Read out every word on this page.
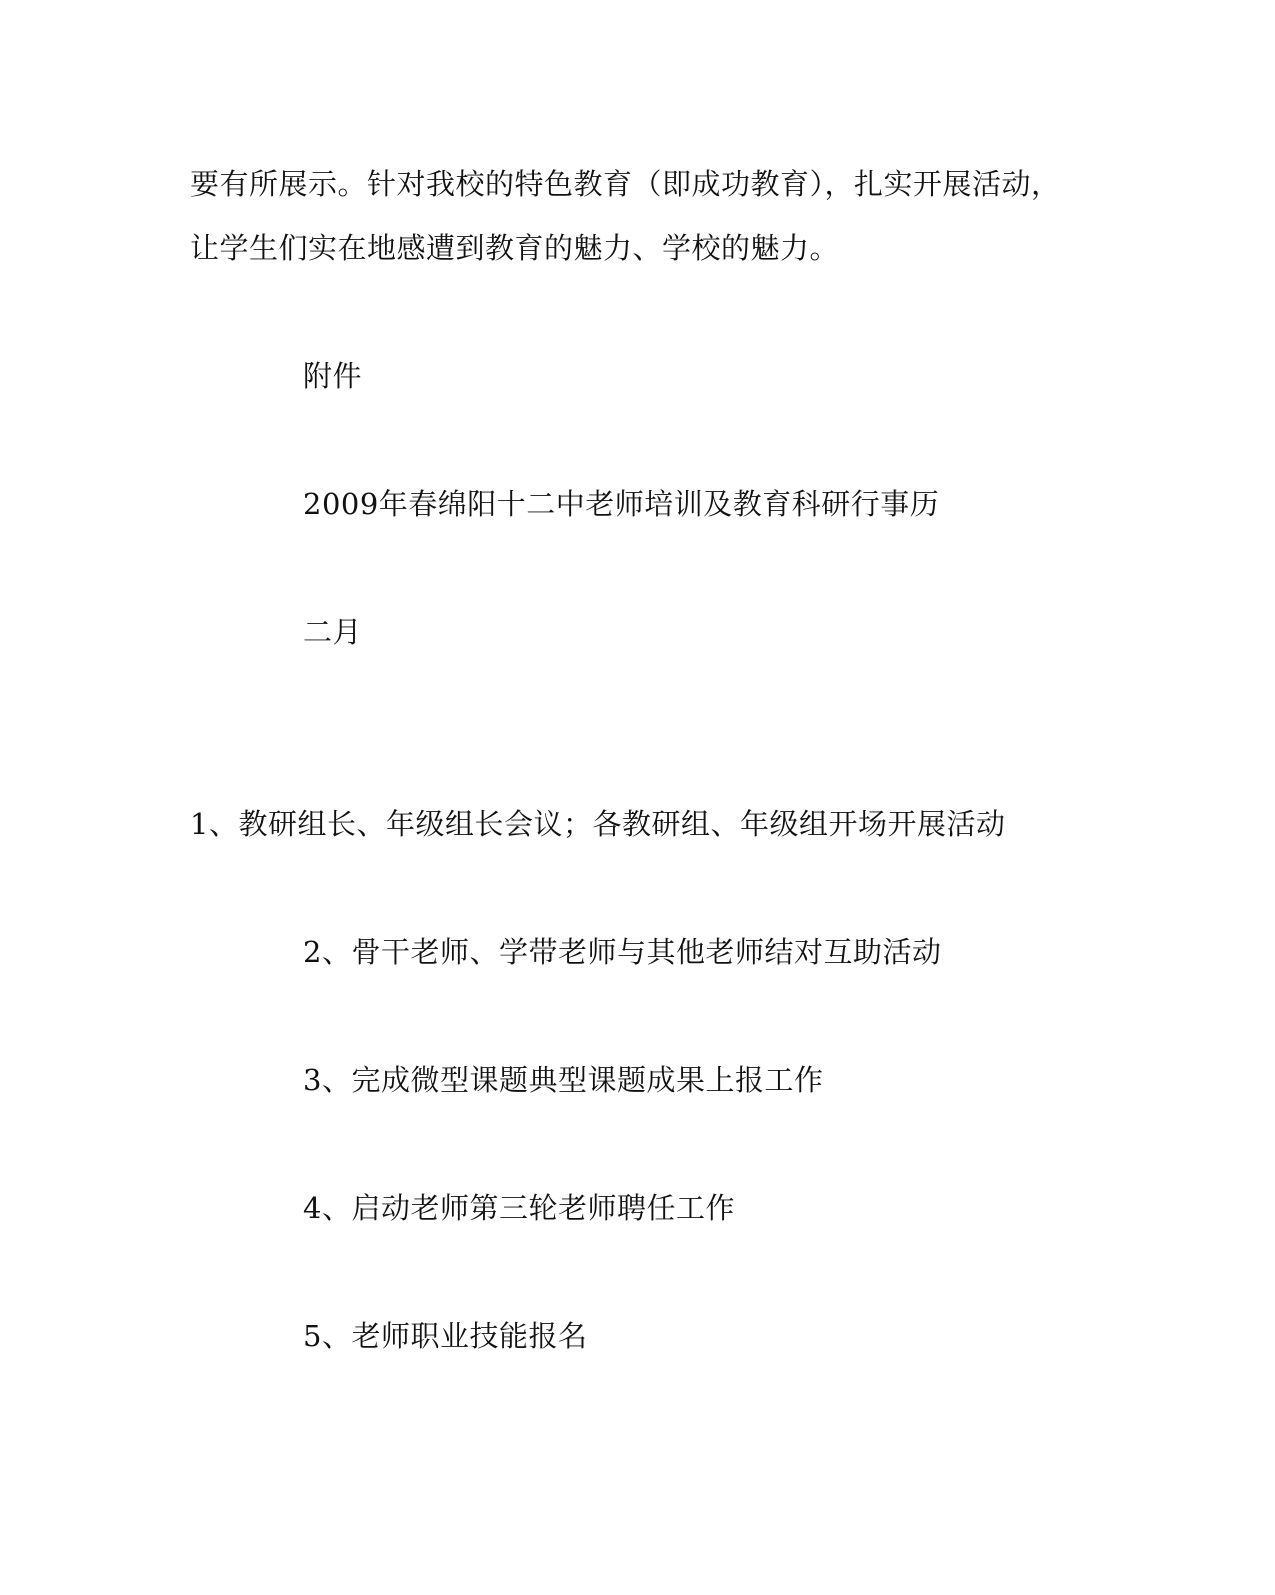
要有所展示。针对我校的特色教育（即成功教育），扎实开展活动，
让学生们实在地感遭到教育的魅力、学校的魅力。
附件
2009年春绵阳十二中老师培训及教育科研行事历
二月
1、教研组长、年级组长会议；各教研组、年级组开场开展活动
2、骨干老师、学带老师与其他老师结对互助活动
3、完成微型课题典型课题成果上报工作
4、启动老师第三轮老师聘任工作
5、老师职业技能报名
